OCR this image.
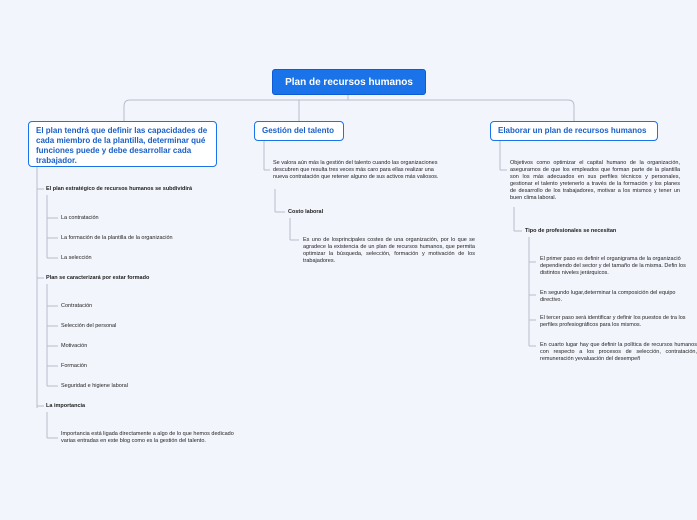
Plan de recursos humanos
El plan tendrá que definir las capacidades de cada miembro de la plantilla, determinar qué funciones puede y debe desarrollar cada trabajador.
El plan estratégico de recursos humanos se subdividirá
La contratación
La formación de la plantilla de la organización
La selección
Plan se caracterizará por estar formado
Contratación
Selección del personal
Motivación
Formación
Seguridad e higiene laboral
La importancia
Importancia está ligada directamente a algo de lo que hemos dedicado varias entradas en este blog como es la gestión del talento.
Gestión del talento
Se valora aún más la gestión del talento cuando las organizaciones descubren que resulta tres veces más caro para ellas realizar una nueva contratación que retener alguno de sus activos más valiosos.
Costo laboral
Es uno de losprincipales costes de una organización, por lo que se agradece la existencia de un plan de recursos humanos, que permita optimizar la búsqueda, selección, formación y motivación de los trabajadores.
Elaborar un plan de recursos humanos
Objetivos como optimizar el capital humano de la organización, asegurarnos de que los empleados que forman parte de la plantilla son los más adecuados en sus perfiles técnicos y personales, gestionar el talento yretenerlo a través de la formación y los planes de desarrollo de los trabajadores, motivar a los mismos y tener un buen clima laboral.
Tipo de profesionales se necesitan
El primer paso es definir el organigrama de la organizació dependiendo del sector y del tamaño de la misma. Defin los distintos niveles jerárquicos.
En segundo lugar,determinar la composición del equipo directivo.
El tercer paso será identificar y definir los puestos de tra los perfiles profesiográficos para los mismos.
En cuarto lugar hay que definir la política de recursos humanos con respecto a los procesos de selección, contratación, remuneración yevaluación del desempeñ
